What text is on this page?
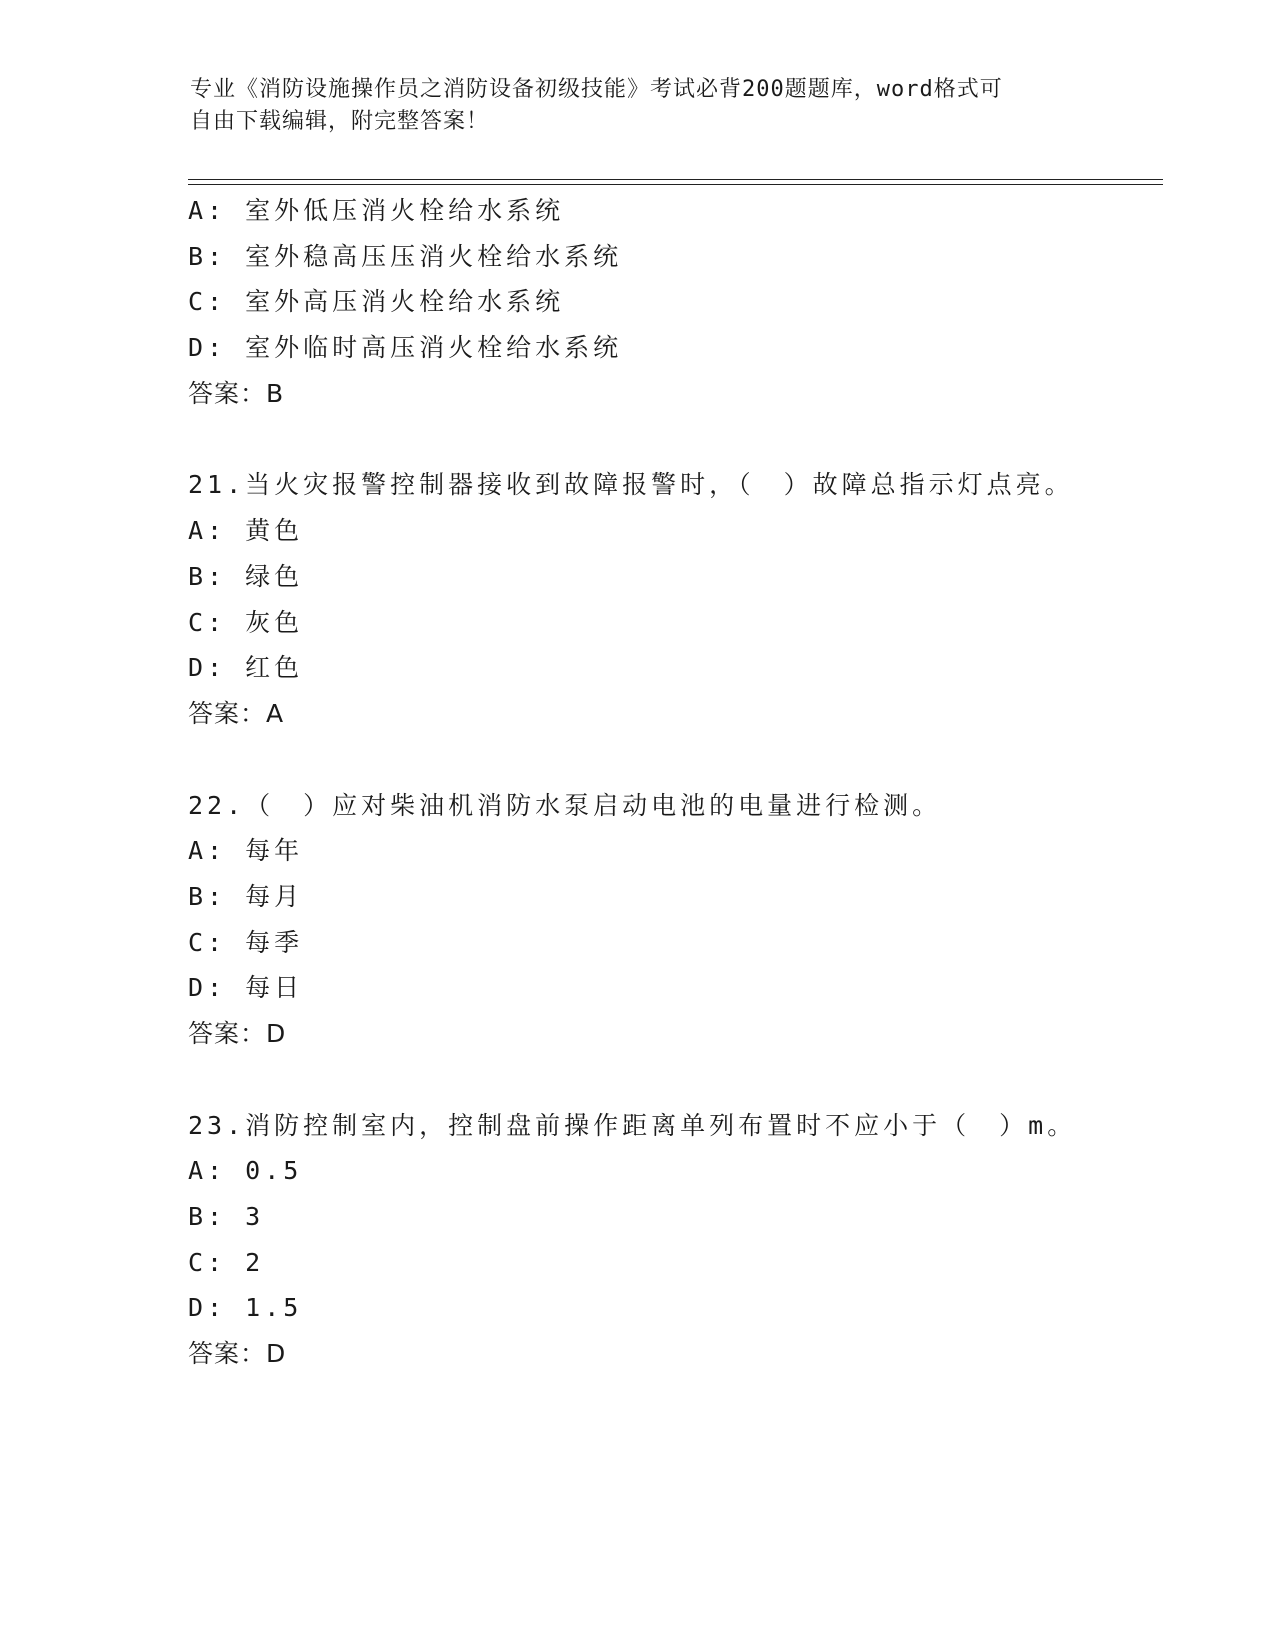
专业《消防设施操作员之消防设备初级技能》考试必背200题题库，word格式可
自由下载编辑，附完整答案！
A: 室外低压消火栓给水系统
B: 室外稳高压压消火栓给水系统
C: 室外高压消火栓给水系统
D: 室外临时高压消火栓给水系统
答案：B
21.当火灾报警控制器接收到故障报警时，（　）故障总指示灯点亮。
A: 黄色
B: 绿色
C: 灰色
D: 红色
答案：A
22.（　）应对柴油机消防水泵启动电池的电量进行检测。
A: 每年
B: 每月
C: 每季
D: 每日
答案：D
23.消防控制室内，控制盘前操作距离单列布置时不应小于（　）m。
A: 0.5
B: 3
C: 2
D: 1.5
答案：D
